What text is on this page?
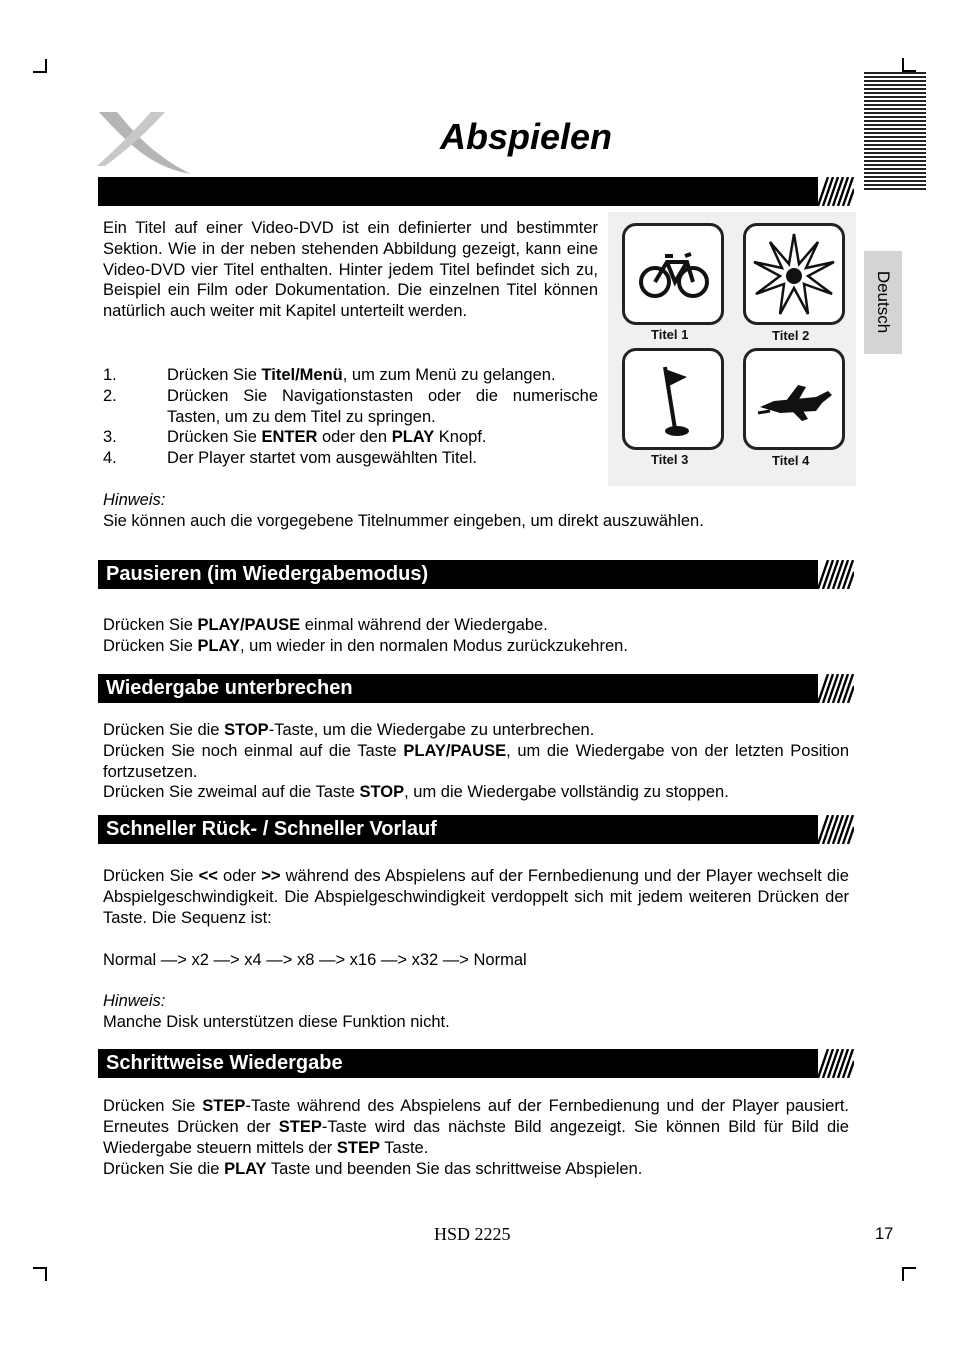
Deutsch
Abspielen
Ein Titel auf einer Video-DVD ist ein definierter und bestimmter Sektion. Wie in der neben stehenden Abbildung gezeigt, kann eine Video-DVD vier Titel enthalten. Hinter jedem Titel befindet sich zu, Beispiel ein Film oder Dokumentation. Die einzelnen Titel können natürlich auch weiter mit Kapitel unterteilt werden.
1.	Drücken Sie Titel/Menü, um zum Menü zu gelangen.
2.	Drücken Sie Navigationstasten oder die numerische Tasten, um zu dem Titel zu springen.
3.	Drücken Sie ENTER oder den PLAY Knopf.
4.	Der Player startet vom ausgewählten Titel.
Hinweis:
Sie können auch die vorgegebene Titelnummer eingeben, um direkt auszuwählen.
Titel 1	Titel 2
Titel 3	Titel 4
Pausieren (im Wiedergabemodus)
Drücken Sie PLAY/PAUSE einmal während der Wiedergabe.
Drücken Sie PLAY, um wieder in den normalen Modus zurückzukehren.
Wiedergabe unterbrechen
Drücken Sie die STOP-Taste, um die Wiedergabe zu unterbrechen.
Drücken Sie noch einmal auf die Taste PLAY/PAUSE, um die Wiedergabe von der letzten Position fortzusetzen.
Drücken Sie zweimal auf die Taste STOP, um die Wiedergabe vollständig zu stoppen.
Schneller Rück- / Schneller Vorlauf
Drücken Sie << oder >> während des Abspielens auf der Fernbedienung und der Player wechselt die Abspielgeschwindigkeit. Die Abspielgeschwindigkeit verdoppelt sich mit jedem weiteren Drücken der Taste. Die Sequenz ist:
Normal —> x2 —> x4 —> x8 —> x16 —> x32 —> Normal
Hinweis:
Manche Disk unterstützen diese Funktion nicht.
Schrittweise Wiedergabe
Drücken Sie STEP-Taste während des Abspielens auf der Fernbedienung und der Player pausiert. Erneutes Drücken der STEP-Taste wird das nächste Bild angezeigt. Sie können Bild für Bild die Wiedergabe steuern mittels der STEP Taste.
Drücken Sie die PLAY Taste und beenden Sie das schrittweise Abspielen.
HSD 2225	17
